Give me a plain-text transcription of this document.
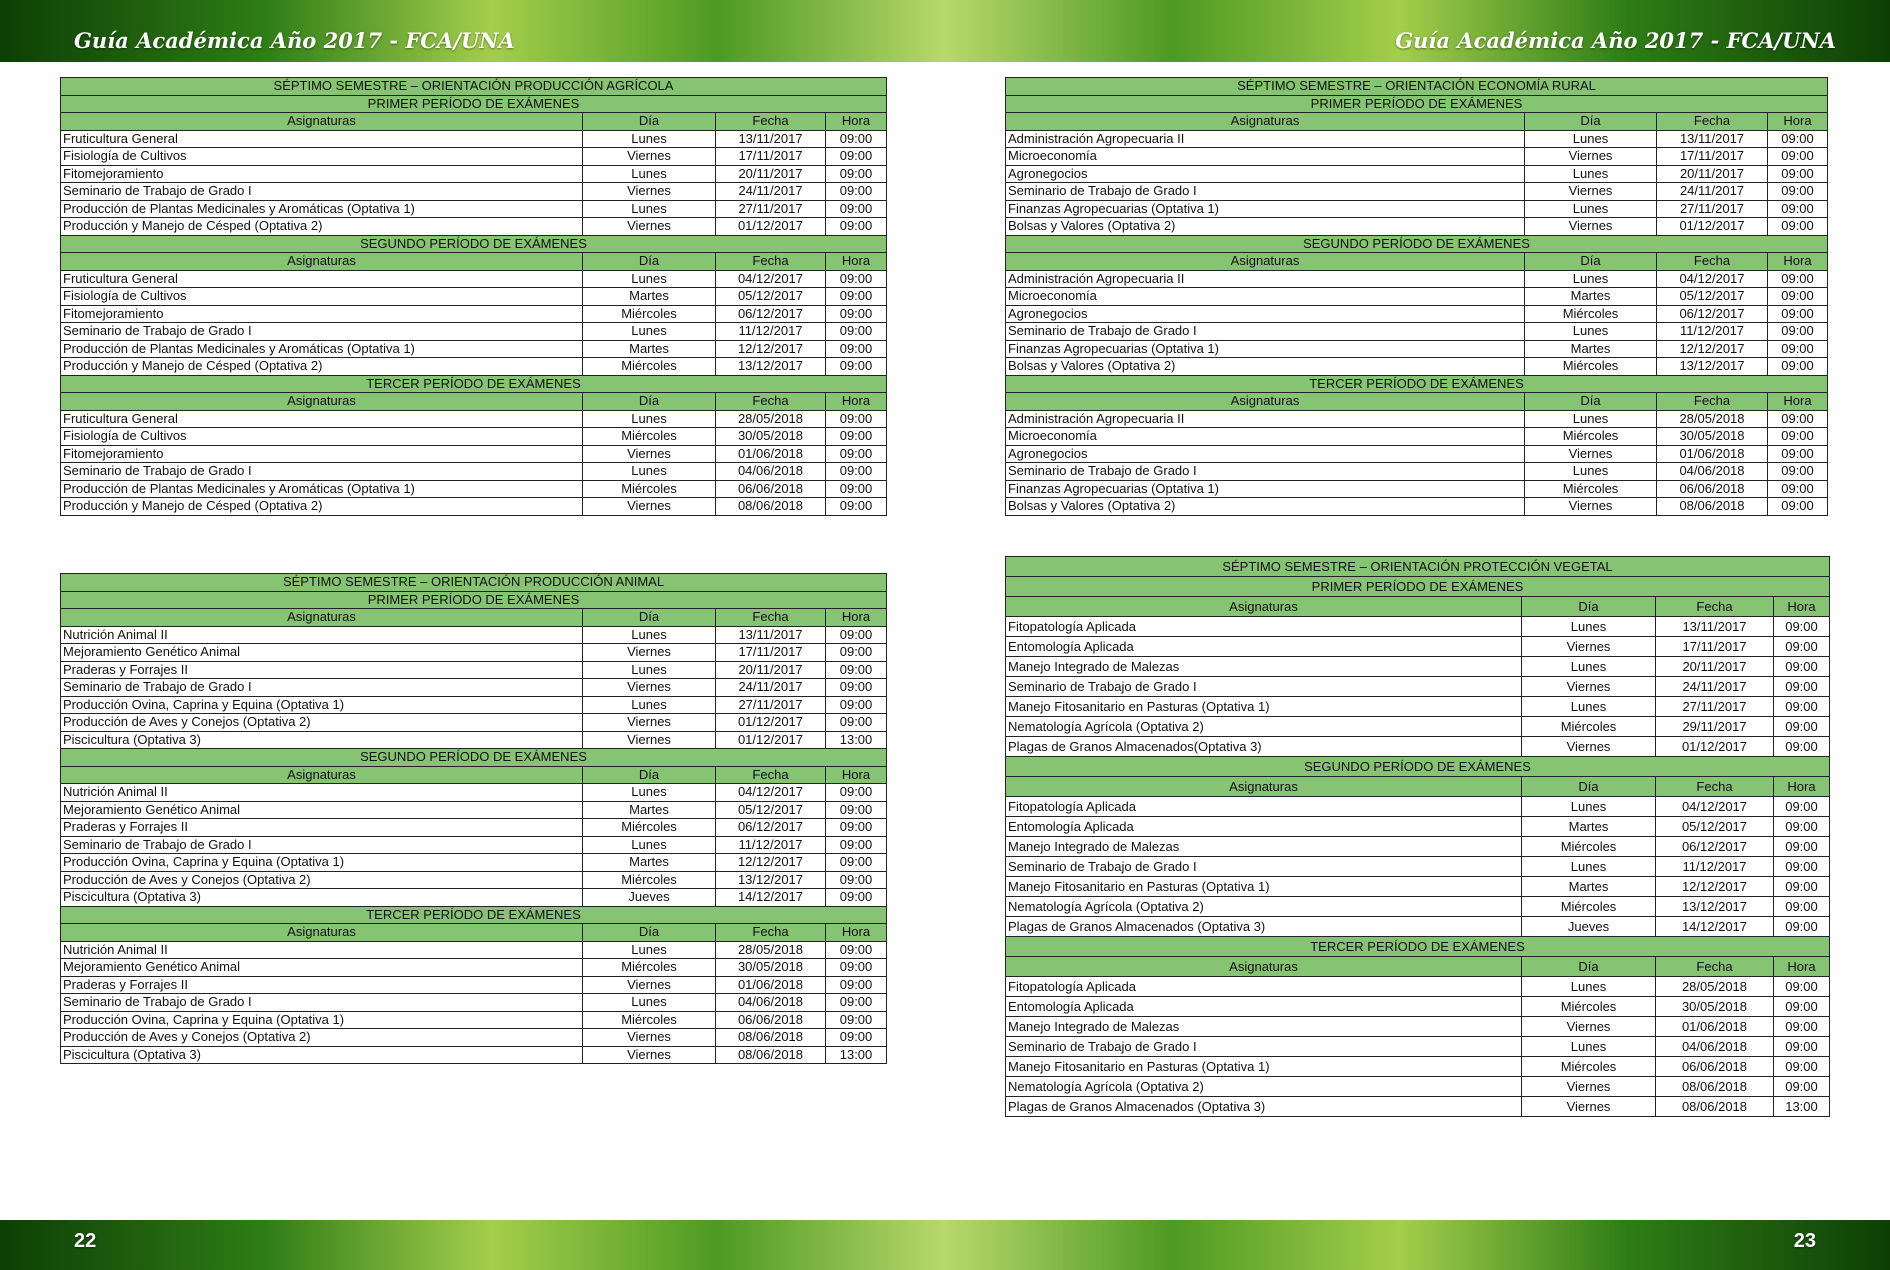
Guía Académica Año 2017 - FCA/UNA	Guía Académica Año 2017 - FCA/UNA
SÉPTIMO SEMESTRE – ORIENTACIÓN PRODUCCIÓN AGRÍCOLA			
PRIMER PERÍODO DE EXÁMENES			
Asignaturas	Día	Fecha	Hora
Fruticultura General	Lunes	13/11/2017	09:00
Fisiología de Cultivos	Viernes	17/11/2017	09:00
Fitomejoramiento	Lunes	20/11/2017	09:00
Seminario de Trabajo de Grado I	Viernes	24/11/2017	09:00
Producción de Plantas Medicinales y Aromáticas (Optativa 1)	Lunes	27/11/2017	09:00
Producción y Manejo de Césped (Optativa 2)	Viernes	01/12/2017	09:00
SEGUNDO PERÍODO DE EXÁMENES			
Asignaturas	Día	Fecha	Hora
Fruticultura General	Lunes	04/12/2017	09:00
Fisiología de Cultivos	Martes	05/12/2017	09:00
Fitomejoramiento	Miércoles	06/12/2017	09:00
Seminario de Trabajo de Grado I	Lunes	11/12/2017	09:00
Producción de Plantas Medicinales y Aromáticas (Optativa 1)	Martes	12/12/2017	09:00
Producción y Manejo de Césped (Optativa 2)	Miércoles	13/12/2017	09:00
TERCER PERÍODO DE EXÁMENES			
Asignaturas	Día	Fecha	Hora
Fruticultura General	Lunes	28/05/2018	09:00
Fisiología de Cultivos	Miércoles	30/05/2018	09:00
Fitomejoramiento	Viernes	01/06/2018	09:00
Seminario de Trabajo de Grado I	Lunes	04/06/2018	09:00
Producción de Plantas Medicinales y Aromáticas (Optativa 1)	Miércoles	06/06/2018	09:00
Producción y Manejo de Césped (Optativa 2)	Viernes	08/06/2018	09:00
SÉPTIMO SEMESTRE – ORIENTACIÓN PRODUCCIÓN ANIMAL			
PRIMER PERÍODO DE EXÁMENES			
Asignaturas	Día	Fecha	Hora
Nutrición Animal II	Lunes	13/11/2017	09:00
Mejoramiento Genético Animal	Viernes	17/11/2017	09:00
Praderas y Forrajes II	Lunes	20/11/2017	09:00
Seminario de Trabajo de Grado I	Viernes	24/11/2017	09:00
Producción Ovina, Caprina y Equina (Optativa 1)	Lunes	27/11/2017	09:00
Producción de Aves y Conejos (Optativa 2)	Viernes	01/12/2017	09:00
Piscicultura (Optativa 3)	Viernes	01/12/2017	13:00
SEGUNDO PERÍODO DE EXÁMENES			
Asignaturas	Día	Fecha	Hora
Nutrición Animal II	Lunes	04/12/2017	09:00
Mejoramiento Genético Animal	Martes	05/12/2017	09:00
Praderas y Forrajes II	Miércoles	06/12/2017	09:00
Seminario de Trabajo de Grado I	Lunes	11/12/2017	09:00
Producción Ovina, Caprina y Equina (Optativa 1)	Martes	12/12/2017	09:00
Producción de Aves y Conejos (Optativa 2)	Miércoles	13/12/2017	09:00
Piscicultura (Optativa 3)	Jueves	14/12/2017	09:00
TERCER PERÍODO DE EXÁMENES			
Asignaturas	Día	Fecha	Hora
Nutrición Animal II	Lunes	28/05/2018	09:00
Mejoramiento Genético Animal	Miércoles	30/05/2018	09:00
Praderas y Forrajes II	Viernes	01/06/2018	09:00
Seminario de Trabajo de Grado I	Lunes	04/06/2018	09:00
Producción Ovina, Caprina y Equina (Optativa 1)	Miércoles	06/06/2018	09:00
Producción de Aves y Conejos (Optativa 2)	Viernes	08/06/2018	09:00
Piscicultura (Optativa 3)	Viernes	08/06/2018	13:00
SÉPTIMO SEMESTRE – ORIENTACIÓN ECONOMÍA RURAL			
PRIMER PERÍODO DE EXÁMENES			
Asignaturas	Día	Fecha	Hora
Administración Agropecuaria II	Lunes	13/11/2017	09:00
Microeconomía	Viernes	17/11/2017	09:00
Agronegocios	Lunes	20/11/2017	09:00
Seminario de Trabajo de Grado I	Viernes	24/11/2017	09:00
Finanzas Agropecuarias (Optativa 1)	Lunes	27/11/2017	09:00
Bolsas y Valores (Optativa 2)	Viernes	01/12/2017	09:00
SEGUNDO PERÍODO DE EXÁMENES			
Asignaturas	Día	Fecha	Hora
Administración Agropecuaria II	Lunes	04/12/2017	09:00
Microeconomía	Martes	05/12/2017	09:00
Agronegocios	Miércoles	06/12/2017	09:00
Seminario de Trabajo de Grado I	Lunes	11/12/2017	09:00
Finanzas Agropecuarias (Optativa 1)	Martes	12/12/2017	09:00
Bolsas y Valores (Optativa 2)	Miércoles	13/12/2017	09:00
TERCER PERÍODO DE EXÁMENES			
Asignaturas	Día	Fecha	Hora
Administración Agropecuaria II	Lunes	28/05/2018	09:00
Microeconomía	Miércoles	30/05/2018	09:00
Agronegocios	Viernes	01/06/2018	09:00
Seminario de Trabajo de Grado I	Lunes	04/06/2018	09:00
Finanzas Agropecuarias (Optativa 1)	Miércoles	06/06/2018	09:00
Bolsas y Valores (Optativa 2)	Viernes	08/06/2018	09:00
SÉPTIMO SEMESTRE – ORIENTACIÓN PROTECCIÓN VEGETAL			
PRIMER PERÍODO DE EXÁMENES			
Asignaturas	Día	Fecha	Hora
Fitopatología Aplicada	Lunes	13/11/2017	09:00
Entomología Aplicada	Viernes	17/11/2017	09:00
Manejo Integrado de Malezas	Lunes	20/11/2017	09:00
Seminario de Trabajo de Grado I	Viernes	24/11/2017	09:00
Manejo Fitosanitario en Pasturas (Optativa 1)	Lunes	27/11/2017	09:00
Nematología Agrícola (Optativa 2)	Miércoles	29/11/2017	09:00
Plagas de Granos Almacenados(Optativa 3)	Viernes	01/12/2017	09:00
SEGUNDO PERÍODO DE EXÁMENES			
Asignaturas	Día	Fecha	Hora
Fitopatología Aplicada	Lunes	04/12/2017	09:00
Entomología Aplicada	Martes	05/12/2017	09:00
Manejo Integrado de Malezas	Miércoles	06/12/2017	09:00
Seminario de Trabajo de Grado I	Lunes	11/12/2017	09:00
Manejo Fitosanitario en Pasturas (Optativa 1)	Martes	12/12/2017	09:00
Nematología Agrícola (Optativa 2)	Miércoles	13/12/2017	09:00
Plagas de Granos Almacenados (Optativa 3)	Jueves	14/12/2017	09:00
TERCER PERÍODO DE EXÁMENES			
Asignaturas	Día	Fecha	Hora
Fitopatología Aplicada	Lunes	28/05/2018	09:00
Entomología Aplicada	Miércoles	30/05/2018	09:00
Manejo Integrado de Malezas	Viernes	01/06/2018	09:00
Seminario de Trabajo de Grado I	Lunes	04/06/2018	09:00
Manejo Fitosanitario en Pasturas (Optativa 1)	Miércoles	06/06/2018	09:00
Nematología Agrícola (Optativa 2)	Viernes	08/06/2018	09:00
Plagas de Granos Almacenados (Optativa 3)	Viernes	08/06/2018	13:00
22	23
